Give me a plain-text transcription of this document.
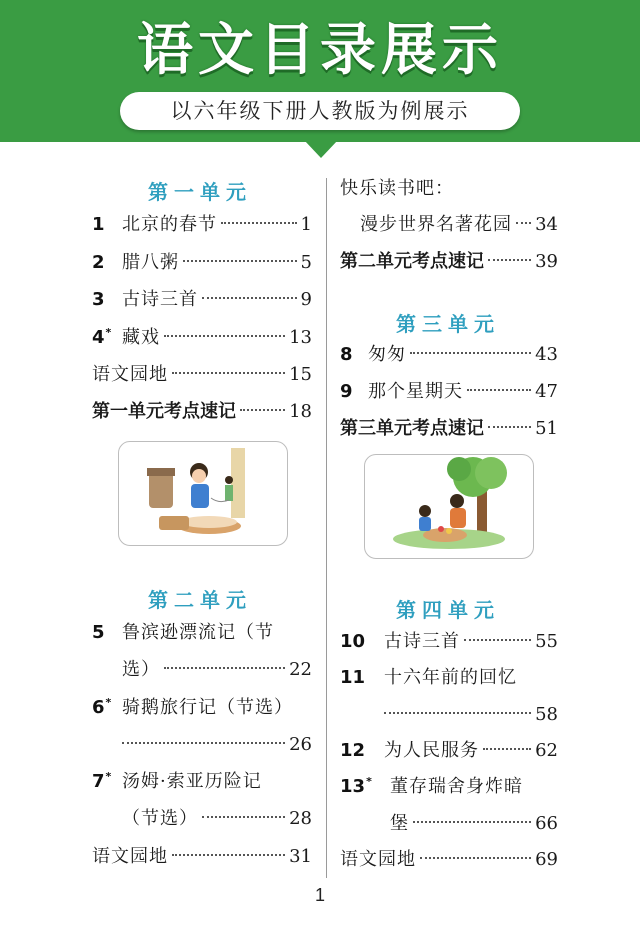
语文目录展示
以六年级下册人教版为例展示
第一单元
1 北京的春节	1
2 腊八粥	5
3 古诗三首	9
4* 藏戏	13
语文园地	15
第一单元考点速记	18
第二单元
5 鲁滨逊漂流记（节
选）	22
6* 骑鹅旅行记（节选）
26
7* 汤姆·索亚历险记
（节选）	28
语文园地	31
快乐读书吧：
漫步世界名著花园 34
第二单元考点速记	39
第三单元
8 匆匆	43
9 那个星期天	47
第三单元考点速记	51
第四单元
10	古诗三首	55
11	十六年前的回忆
58
12	为人民服务	62
13*	董存瑞舍身炸暗
堡	66
语文园地	69
1
